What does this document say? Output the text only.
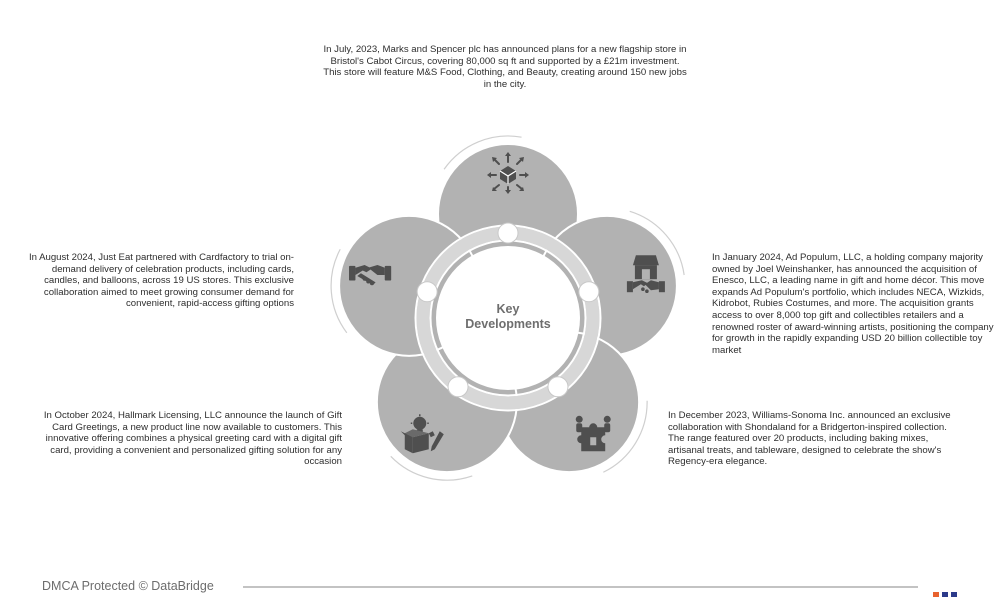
Key
Developments

In July, 2023, Marks and Spencer plc has announced plans for a new flagship store in Bristol's Cabot Circus, covering 80,000 sq ft and supported by a £21m investment. This store will feature M&S Food, Clothing, and Beauty, creating around 150 new jobs in the city.

In January 2024, Ad Populum, LLC, a holding company majority owned by Joel Weinshanker, has announced the acquisition of Enesco, LLC, a leading name in gift and home décor. This move expands Ad Populum's portfolio, which includes NECA, Wizkids, Kidrobot, Rubies Costumes, and more. The acquisition grants access to over 8,000 top gift and collectibles retailers and a renowned roster of award-winning artists, positioning the company for growth in the rapidly expanding USD 20 billion collectible toy market

In December 2023, Williams-Sonoma Inc. announced an exclusive collaboration with Shondaland for a Bridgerton-inspired collection. The range featured over 20 products, including baking mixes, artisanal treats, and tableware, designed to celebrate the show's Regency-era elegance.

In October 2024, Hallmark Licensing, LLC announce the launch of Gift Card Greetings, a new product line now available to customers. This innovative offering combines a physical greeting card with a digital gift card, providing a convenient and personalized gifting solution for any occasion

In August 2024, Just Eat partnered with Cardfactory to trial on-demand delivery of celebration products, including cards, candles, and balloons, across 19 US stores. This exclusive collaboration aimed to meet growing consumer demand for convenient, rapid-access gifting options

DMCA Protected © DataBridge
